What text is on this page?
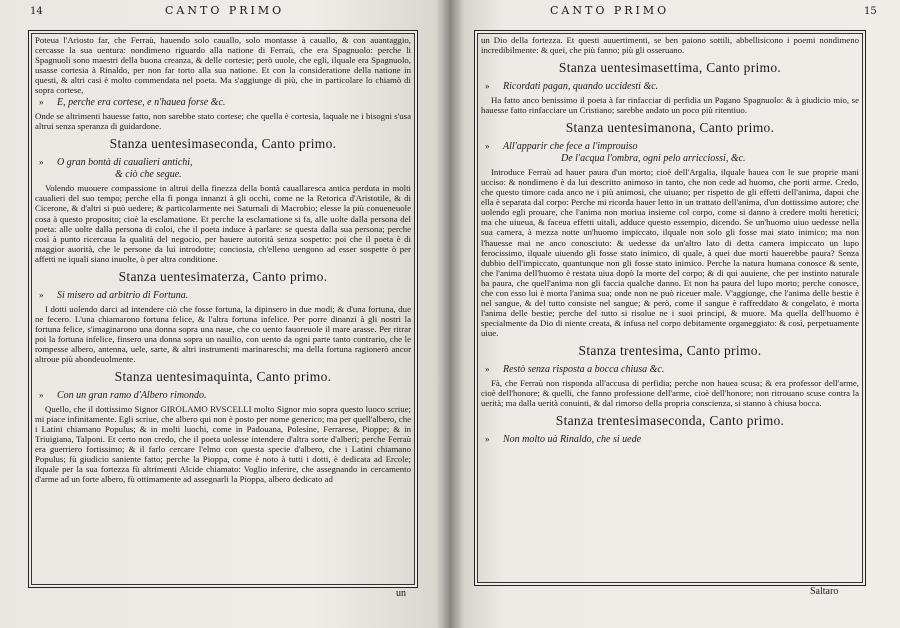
14	CANTO PRIMO

Poteua l'Ariosto far, che Ferraù, hauendo solo cauallo, solo montasse à cauallo, & con auantaggio, cercasse la sua uentura: nondimeno riguardo alla natione di Ferraù, che era Spagnuolo: perche li Spagnuoli sono maestri della buona creanza, & delle cortesie; però uuole, che egli, ilquale era Spagnuolo, usasse cortesia à Rinaldo, per non far torto alla sua natione. Et con la consideratione della natione in questi, & altri casi è molto commendata nel poeta. Ma s'aggiunge di più, che in particolare lo chiamò di sopra cortese,

» E, perche era cortese, e n'hauea forse &c.

Onde se altrimenti hauesse fatto, non sarebbe stato cortese; che quella è cortesia, laquale ne i bisogni s'usa altrui senza speranza di guidardone.

Stanza uentesimaseconda, Canto primo.
» O gran bontà di caualieri antichi,
& ciò che segue.

Volendo muouere compassione in altrui della finezza della bontà cauallaresca antica perduta in molti caualieri del suo tempo; perche ella fi ponga innanzi à gli occhi, come ne la Retorica d'Aristotile, & di Cicerone, & d'altri si può uedere; & particolarmente nei Saturnali di Macrobio; elesse la più conueneuole cosa à questo proposito; cioè la esclamatione. Et perche la esclamatione si fa, alle uolte dalla persona del poeta: alle uolte dalla persona di coloi, che il poeta induce à parlare: se questa dalla sua persona; perche così à punto ricercaua la qualità del negocio, per hauere autorità senza sospetto: poi che il poeta è di maggior auorità, che le persone da lui introdotte; conciosia, ch'elleno uengono ad esser sospette ò per affetti ne iquali siano inuolte, ò per altra conditione.

Stanza uentesimaterza, Canto primo.
» Si misero ad arbitrio di Fortuna.

I dotti uolendo darci ad intendere ciò che fosse fortuna, la dipinsero in due modi; & d'una fortuna, due ne fecero. L'una chiamarono fortuna felice, & l'altra fortuna infelice. Per porre dinanzi à gli nostri la fortuna felice, s'imaginarono una donna sopra una naue, che co uento fauoreuole il mare arasse. Per ritrar poi la fortuna infelice, finsero una donna sopra un nauilio, con uento da ogni parte tanto contrario, che le rompesse albero, antenna, uele, sarte, & altri instrumenti marinareschi; ma della fortuna ragionerò ancor altroue più abondeuolmente.

Stanza uentesimaquinta, Canto primo.
» Con un gran ramo d'Albero rimondo.

Quello, che il dottissimo Signor GIROLAMO RVSCELLI molto Signor mio sopra questo luoco scriue; mi piace infinitamente. Egli scriue, che albero qui non è posto per nome generico; ma per quell'albero, che i Latini chiamano Populus; & in molti luochi, come in Padouana, Polesine, Ferrarese, Pioppe; & in Triuigiana, Talponi. Et certo non credo, che il poeta uolesse intendere d'altra sorte d'alberi; perche Ferraù era guerriero fortissimo; & il farlo cercare l'elmo con questa specie d'albero, che i Latini chiamano Populus; fù giudicio saniente fatto; perche la Pioppa, come è noto à tutti i dotti, è dedicata ad Ercole; ilquale per la sua fortezza fù altrimenti Alcide chiamato: Voglio inferire, che assegnando in cercamento d'arme ad un forte albero, fù ottimamente ad assegnarli la Pioppa, albero dedicato ad

un
CANTO PRIMO	15

un Dio della fortezza. Et questi auuertimenti, se ben paiono sottili, abbellisicono i poemi nondimeno incredibilmente: & quei, che più fanno; più gli osseruano.

Stanza uentesimasettima, Canto primo.
» Ricordati pagan, quando uccidesti &c.

Ha fatto anco benissimo il poeta à far rinfacciar di perfidia un Pagano Spagnuolo: & à giudicio mio, se hauesse fatto rinfacciare un Cristiano; sarebbe andato un poco più ritentiuo.

Stanza uentesimanona, Canto primo.
» All'apparir che fece a l'improuiso
De l'acqua l'ombra, ogni pelo arricciossi, &c.

Introduce Ferraù ad hauer paura d'un morto; cioè dell'Argalia, ilquale hauea con le sue proprie mani ucciso: & nondimeno è da lui descritto animoso in tanto, che non cede ad huomo, che porti arme. Credo, che questo timore cada anco ne i più animosi, che uiuano; per rispetto de gli effetti dell'anima, dapoi che ella è separata dal corpo: Perche mi ricorda hauer letto in un trattato dell'anima, d'un dottissimo autore; che uolendo egli prouare, che l'anima non moriua insieme col corpo, come si danno à credere molti heretici; ma che uiueua, & faceua effetti uitali, adduce questo essempio, dicendo. Se un'huomo uiuo uedesse nella sua camera, à mezza notte un'huomo impiccato, ilquale non solo gli fosse mai stato inimico; ma non l'hauesse mai ne anco conosciuto: & uedesse da un'altro lato di detta camera impiccato un lupo ferocissimo, ilquale uiuendo gli fosse stato inimico, di quale, à quei due morti hauerebbe paura? Senza dubbio dell'impiccato, quantunque non gli fosse stato inimico. Perche la natura humana conosce & sente, che l'anima dell'huomo è restata uiua dopò la morte del corpo; & di qui auuiene, che per instinto naturale ha paura, che quell'anima non gli faccia qualche danno. Et non ha paura del lupo morto; perche conosce, che con esso lui è morta l'anima sua; onde non ne può riceuer male. V'aggiunge, che l'anima delle bestie è nel sangue, & del tutto consiste nel sangue; & però, come il sangue è raffreddato & congelato, è morta l'anima delle bestie; perche del tutto si risolue ne i suoi principi, & muore. Ma quella dell'huomo è specialmente da Dio di niente creata, & infusa nel corpo debitamente organeggiato: & così, perpetuamente uiue.

Stanza trentesima, Canto primo.
» Restò senza risposta a bocca chiusa &c.

Fà, che Ferraù non risponda all'accusa di perfidia; perche non hauea scusa; & era professor dell'arme, cioè dell'honore; & quelli, che fanno professione dell'arme, cioè dell'honore; non ritrouano scuse contra la uerità; ma dalla uerità conuinti, & dal rimorso della propria conscienza, si stanno à chiusa bocca.

Stanza trentesimaseconda, Canto primo.
» Non molto uà Rinaldo, che si uede
Saltaro
